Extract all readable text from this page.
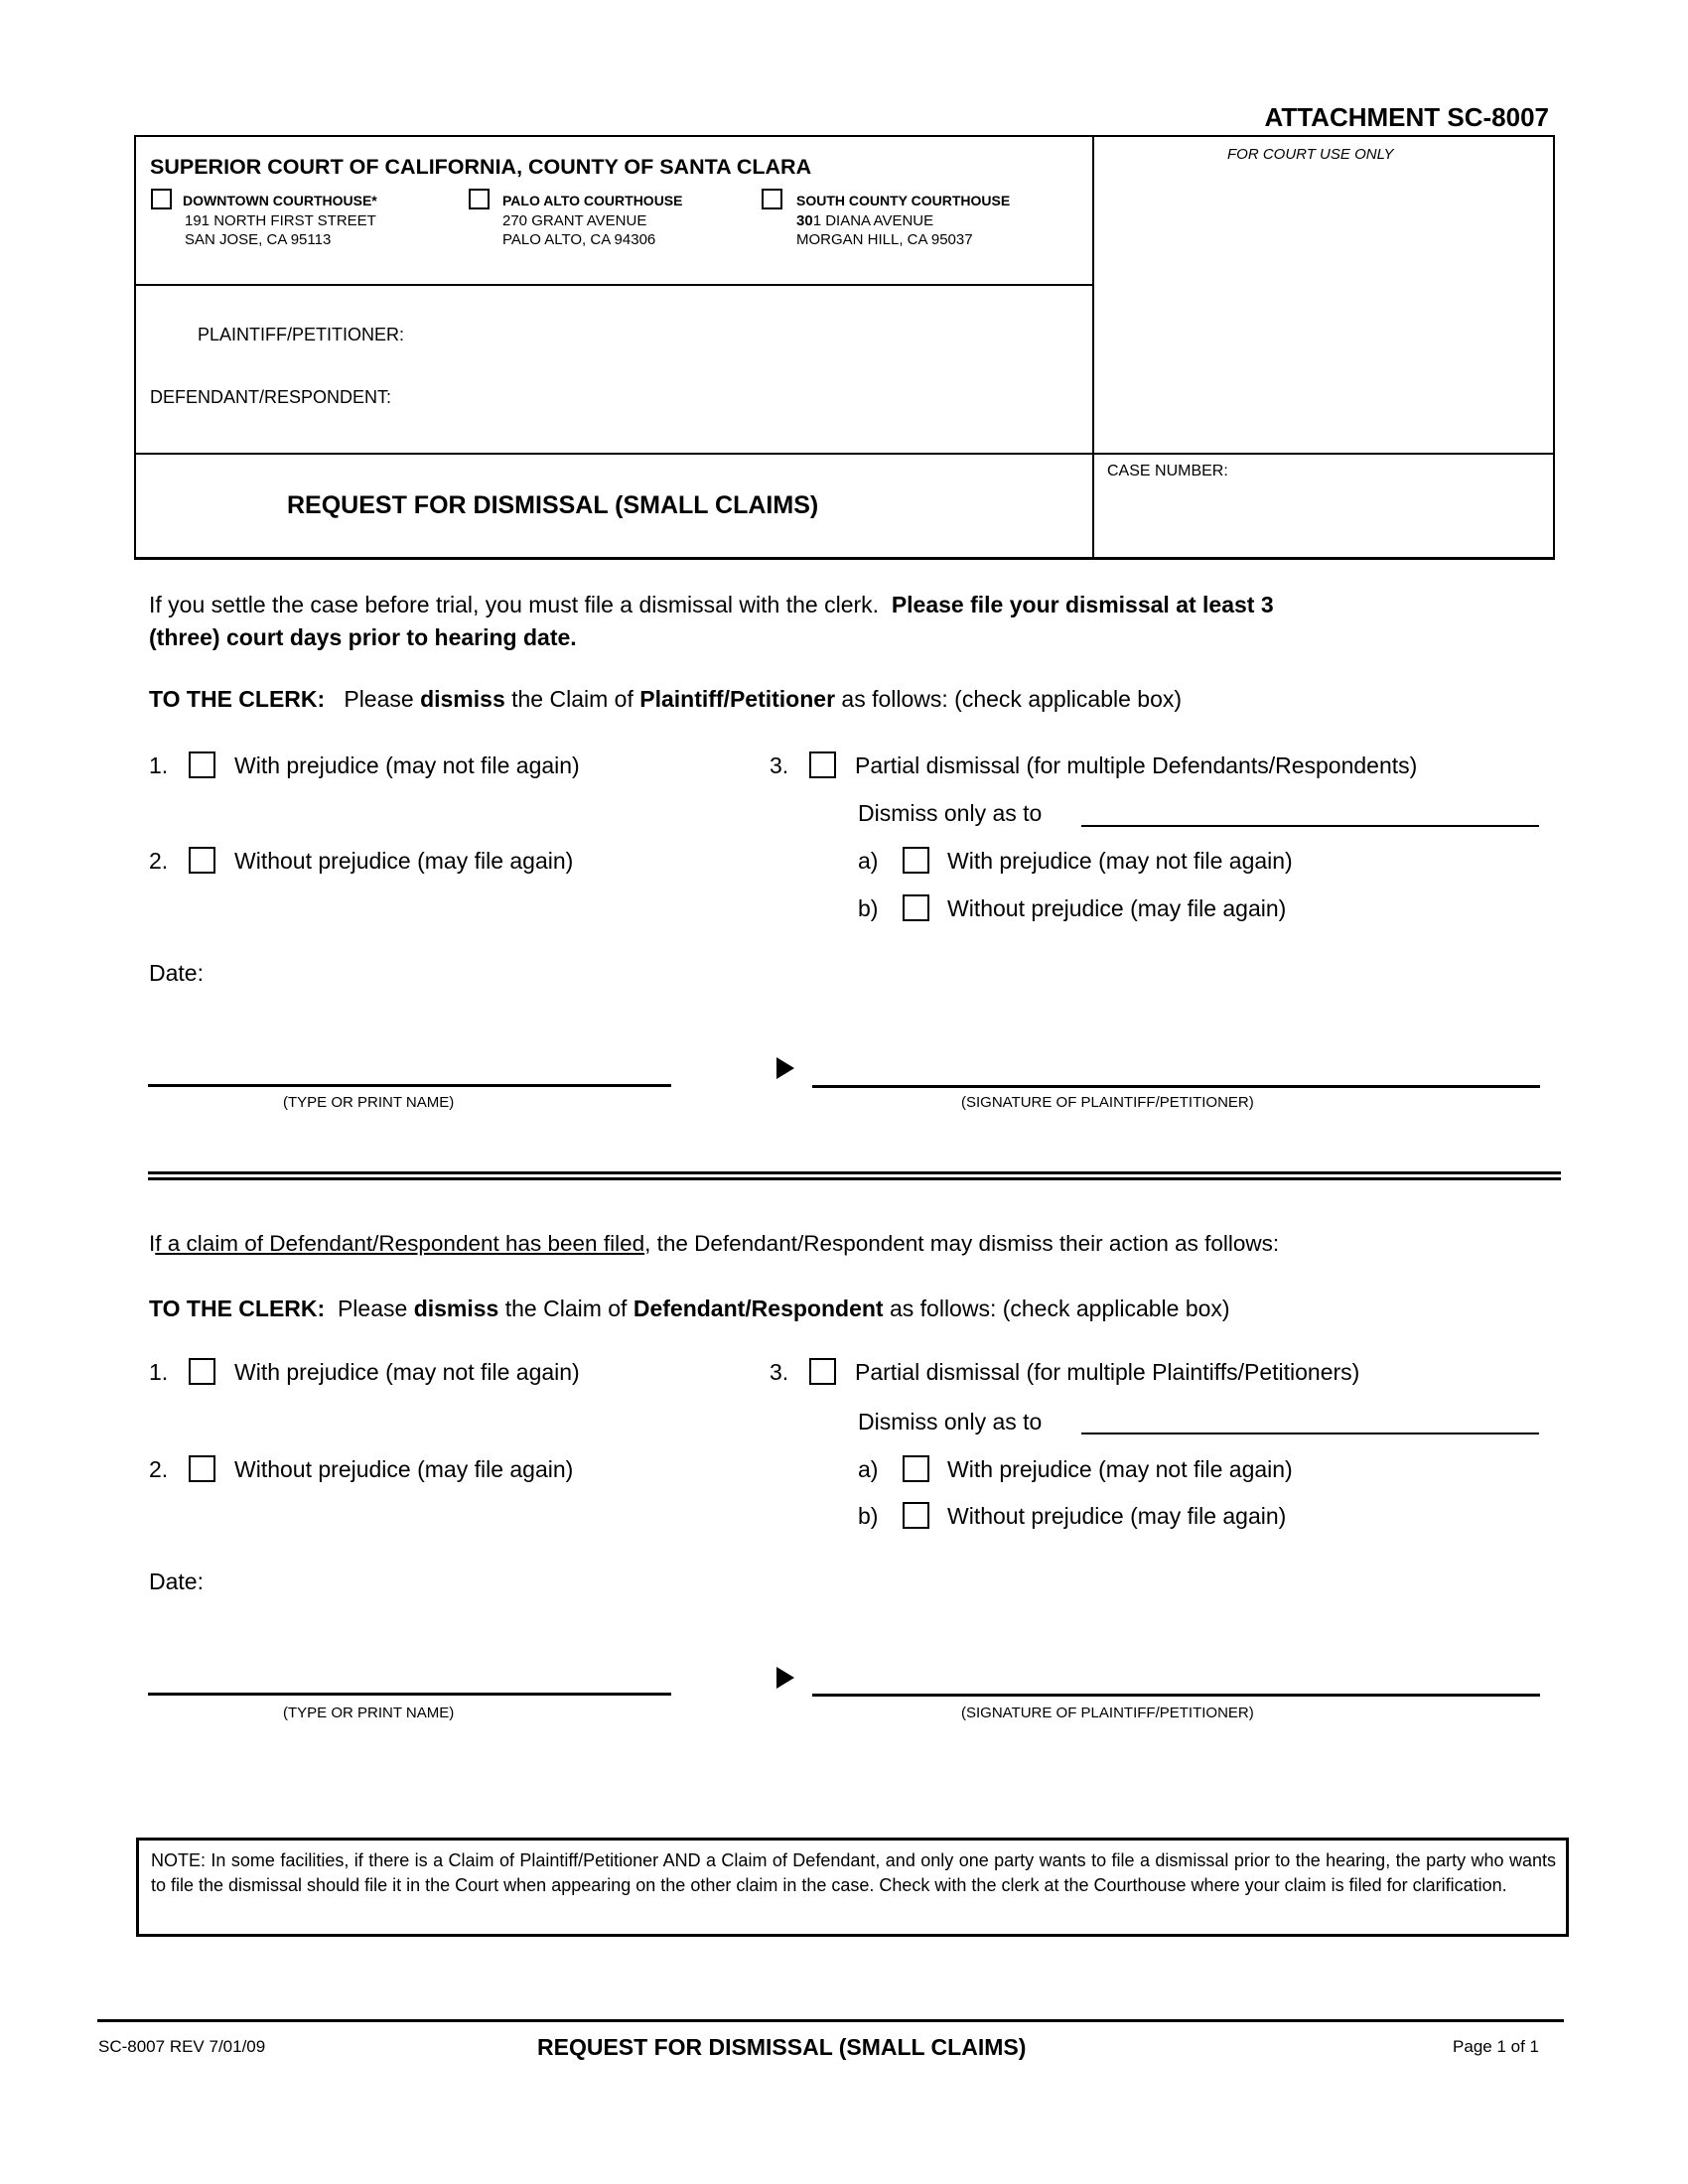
ATTACHMENT SC-8007
SUPERIOR COURT OF CALIFORNIA, COUNTY OF SANTA CLARA
DOWNTOWN COURTHOUSE*
191 NORTH FIRST STREET
SAN JOSE, CA 95113
PALO ALTO COURTHOUSE
270 GRANT AVENUE
PALO ALTO, CA 94306
SOUTH COUNTY COURTHOUSE
301 DIANA AVENUE
MORGAN HILL, CA 95037
FOR COURT USE ONLY
PLAINTIFF/PETITIONER:
DEFENDANT/RESPONDENT:
REQUEST FOR DISMISSAL (SMALL CLAIMS)
CASE NUMBER:
If you settle the case before trial, you must file a dismissal with the clerk. Please file your dismissal at least 3
(three) court days prior to hearing date.
TO THE CLERK: Please dismiss the Claim of Plaintiff/Petitioner as follows: (check applicable box)
1.	With prejudice (may not file again)
2.	Without prejudice (may file again)
3.	Partial dismissal (for multiple Defendants/Respondents)
Dismiss only as to
a)	With prejudice (may not file again)
b)	Without prejudice (may file again)
Date:
(TYPE OR PRINT NAME)	(SIGNATURE OF PLAINTIFF/PETITIONER)
If a claim of Defendant/Respondent has been filed, the Defendant/Respondent may dismiss their action as follows:
TO THE CLERK: Please dismiss the Claim of Defendant/Respondent as follows: (check applicable box)
1.	With prejudice (may not file again)
2.	Without prejudice (may file again)
3.	Partial dismissal (for multiple Plaintiffs/Petitioners)
Dismiss only as to
a)	With prejudice (may not file again)
b)	Without prejudice (may file again)
Date:
(TYPE OR PRINT NAME)	(SIGNATURE OF PLAINTIFF/PETITIONER)
NOTE: In some facilities, if there is a Claim of Plaintiff/Petitioner AND a Claim of Defendant, and only one party wants to file a dismissal prior to the hearing, the party who wants to file the dismissal should file it in the Court when appearing on the other claim in the case. Check with the clerk at the Courthouse where your claim is filed for clarification.
SC-8007 REV 7/01/09	REQUEST FOR DISMISSAL (SMALL CLAIMS)	Page 1 of 1
